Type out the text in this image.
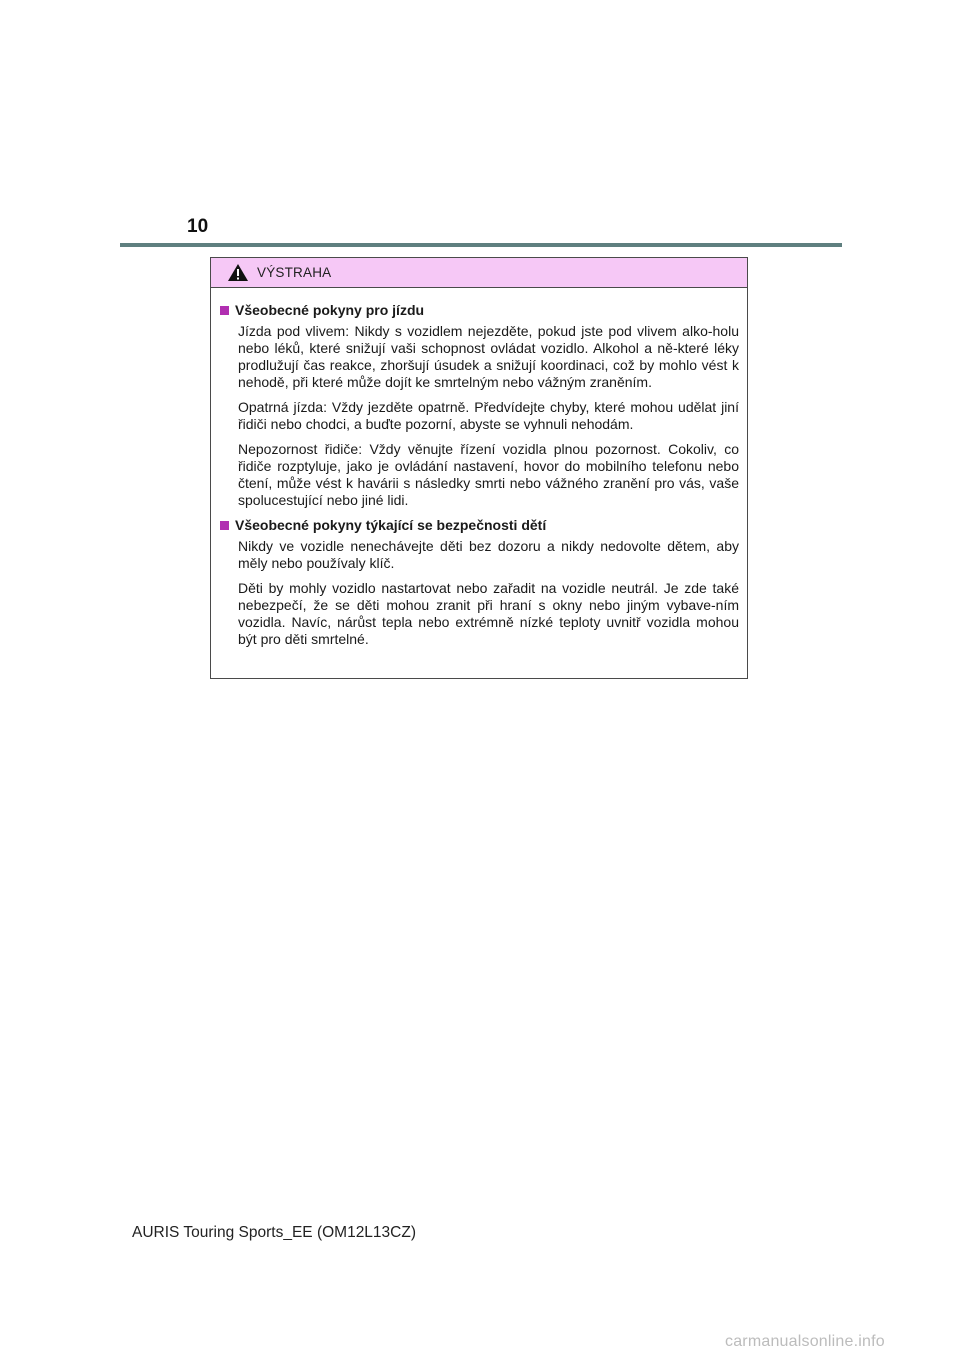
10
VÝSTRAHA
Všeobecné pokyny pro jízdu

Jízda pod vlivem: Nikdy s vozidlem nejezděte, pokud jste pod vlivem alko-holu nebo léků, které snižují vaši schopnost ovládat vozidlo. Alkohol a ně-které léky prodlužují čas reakce, zhoršují úsudek a snižují koordinaci, což by mohlo vést k nehodě, při které může dojít ke smrtelným nebo vážným zraněním.

Opatrná jízda: Vždy jezděte opatrně. Předvídejte chyby, které mohou udělat jiní řidiči nebo chodci, a buďte pozorní, abyste se vyhnuli nehodám.

Nepozornost řidiče: Vždy věnujte řízení vozidla plnou pozornost. Cokoliv, co řidiče rozptyluje, jako je ovládání nastavení, hovor do mobilního telefonu nebo čtení, může vést k havárii s následky smrti nebo vážného zranění pro vás, vaše spolucestující nebo jiné lidi.

Všeobecné pokyny týkající se bezpečnosti dětí

Nikdy ve vozidle nenechávejte děti bez dozoru a nikdy nedovolte dětem, aby měly nebo používaly klíč.

Děti by mohly vozidlo nastartovat nebo zařadit na vozidle neutrál. Je zde také nebezpečí, že se děti mohou zranit při hraní s okny nebo jiným vybave-ním vozidla. Navíc, nárůst tepla nebo extrémně nízké teploty uvnitř vozidla mohou být pro děti smrtelné.

AURIS Touring Sports_EE (OM12L13CZ)
carmanualsonline.info
